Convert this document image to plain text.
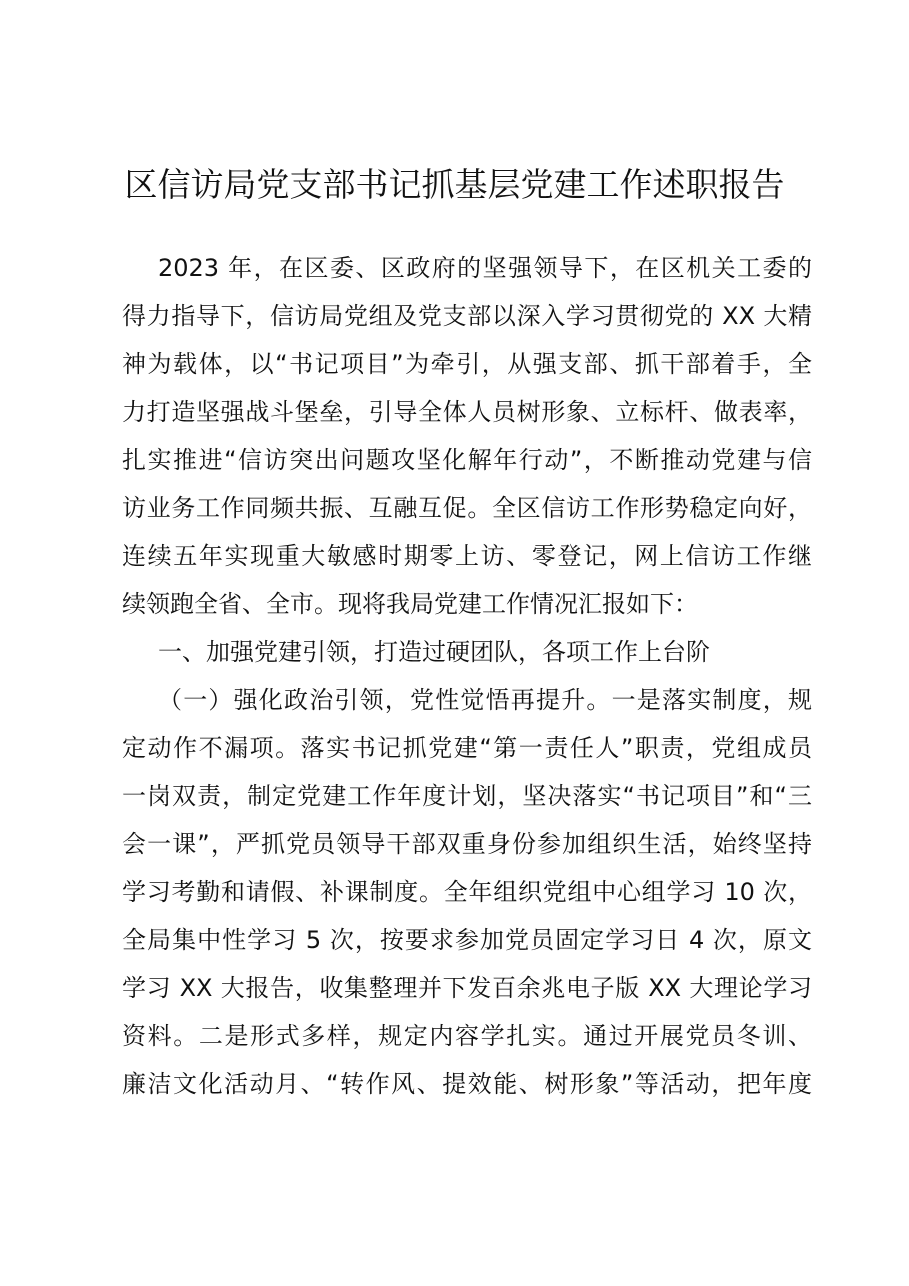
区信访局党支部书记抓基层党建工作述职报告
2023 年，在区委、区政府的坚强领导下，在区机关工委的
得力指导下，信访局党组及党支部以深入学习贯彻党的 XX 大精
神为载体，以“书记项目”为牵引，从强支部、抓干部着手，全
力打造坚强战斗堡垒，引导全体人员树形象、立标杆、做表率，
扎实推进“信访突出问题攻坚化解年行动”，不断推动党建与信
访业务工作同频共振、互融互促。全区信访工作形势稳定向好，
连续五年实现重大敏感时期零上访、零登记，网上信访工作继
续领跑全省、全市。现将我局党建工作情况汇报如下：
一、加强党建引领，打造过硬团队，各项工作上台阶
（一）强化政治引领，党性觉悟再提升。一是落实制度，规
定动作不漏项。落实书记抓党建“第一责任人”职责，党组成员
一岗双责，制定党建工作年度计划，坚决落实“书记项目”和“三
会一课”，严抓党员领导干部双重身份参加组织生活，始终坚持
学习考勤和请假、补课制度。全年组织党组中心组学习 10 次，
全局集中性学习 5 次，按要求参加党员固定学习日 4 次，原文
学习 XX 大报告，收集整理并下发百余兆电子版 XX 大理论学习
资料。二是形式多样，规定内容学扎实。通过开展党员冬训、
廉洁文化活动月、“转作风、提效能、树形象”等活动，把年度
